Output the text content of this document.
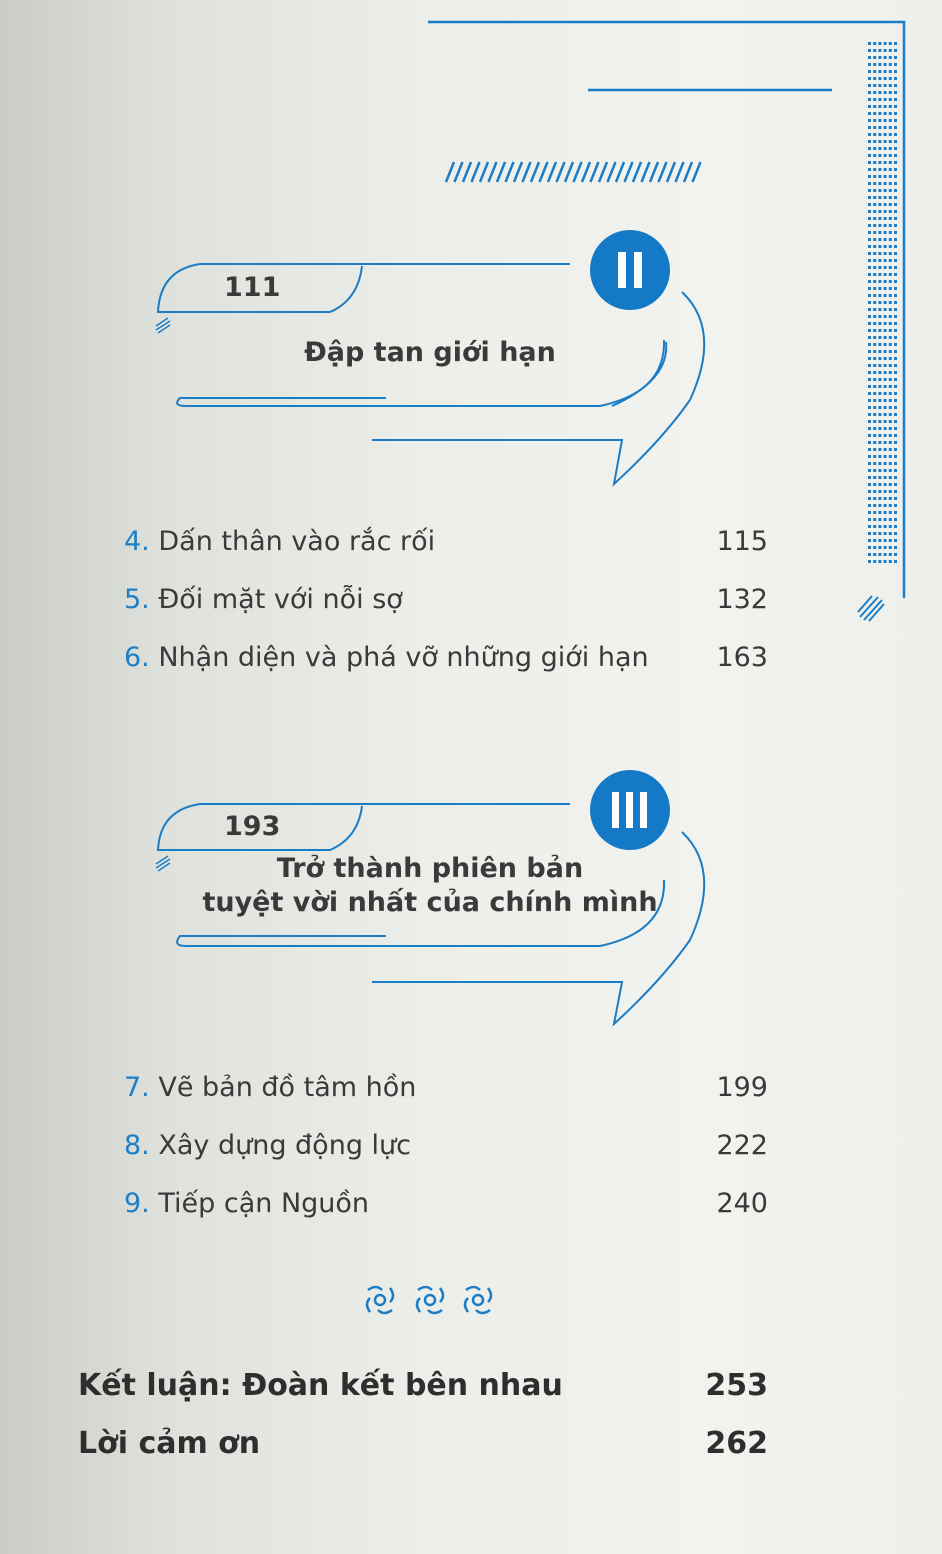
111
Đập tan giới hạn
4. Dấn thân vào rắc rối	115
5. Đối mặt với nỗi sợ	132
6. Nhận diện và phá vỡ những giới hạn	163
193
Trở thành phiên bản
tuyệt vời nhất của chính mình
7. Vẽ bản đồ tâm hồn	199
8. Xây dựng động lực	222
9. Tiếp cận Nguồn	240
Kết luận: Đoàn kết bên nhau	253
Lời cảm ơn	262
